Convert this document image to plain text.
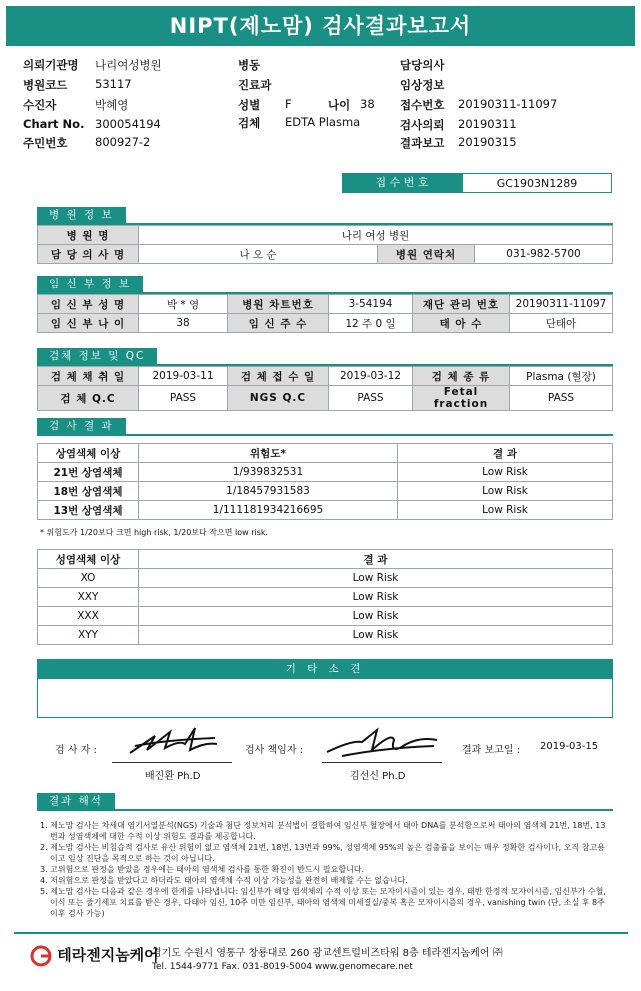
NIPT(제노맘) 검사결과보고서
의뢰기관명 나리여성병원
병원코드 53117
수진자	박혜영
Chart No. 300054194
주민번호 800927-2
병동
진료과
성별 F	나이 38
검체 EDTA Plasma
담당의사
임상정보
접수번호 20190311-11097
검사의뢰 20190311
결과보고 20190315
접 수 번 호	GC1903N1289
병 원 정 보
병 원 명	나리 여성 병원		
담 당 의 사 명	나 오 순	병원 연락처	031-982-5700
임 신 부 정 보
임 신 부 성 명	박 * 영	병원 차트번호	3-54194	재단 관리 번호	20190311-11097
임 신 부 나 이	38	임 신 주 수	12 주 0 일	태 아 수	단태아
검체 정보 및 QC
검 체 채 취 일	2019-03-11	검 체 접 수 일	2019-03-12	검 체 종 류	Plasma (혈장)
검 체 Q.C	PASS	NGS Q.C	PASS	Fetal fraction	PASS
검 사 결 과
상염색체 이상	위험도*	결 과
21번 상염색체	1/939832531	Low Risk
18번 상염색체	1/18457931583	Low Risk
13번 상염색체	1/111181934216695	Low Risk
* 위험도가 1/20보다 크면 high risk, 1/20보다 작으면 low risk.
성염색체 이상	결 과
XO	Low Risk
XXY	Low Risk
XXX	Low Risk
XYY	Low Risk
기 타 소 견
검 사 자 :
배진환 Ph.D
검사 책임자 :
김선신 Ph.D
결과 보고일 : 2019-03-15
결과 해석
1. 제노맘 검사는 차세대 염기서열분석(NGS) 기술과 첨단 정보처리 분석법이 결합하여 임신부 혈장에서 태아 DNA를 분석함으로써 태아의 염색체 21번, 18번, 13번과 성염색체에 대한 수적 이상 위험도 결과를 제공합니다.
2. 제노맘 검사는 비침습적 검사로 유산 위험이 없고 염색체 21번, 18번, 13번과 99%, 성염색체 95%의 높은 검출률을 보이는 매우 정확한 검사이나, 오직 참고용이고 임상 진단을 목적으로 하는 것이 아닙니다.
3. 고위험으로 판정을 받았을 경우에는 태아의 염색체 검사를 통한 확진이 반드시 필요합니다.
4. 저위험으로 판정을 받았다고 하더라도 태아의 염색체 수적 이상 가능성을 완전히 배제할 수는 없습니다.
5. 제노맘 검사는 다음과 같은 경우에 한계를 나타냅니다: 임신부가 해당 염색체의 수적 이상 또는 모자이시즘이 있는 경우, 태반 한정적 모자이시즘, 임신부가 수혈, 이식 또는 줄기세포 치료를 받은 경우, 다태아 임신, 10주 미만 임신부, 태아의 염색체 미세결실/중복 혹은 모자이시즘의 경우, vanishing twin (단, 소실 후 8주 이후 검사 가능)
테라젠지놈케어
경기도 수원시 영통구 창룡대로 260 광교센트럴비즈타워 8층 테라젠지놈케어 ㈜
Tel. 1544-9771 Fax. 031-8019-5004 www.genomecare.net
